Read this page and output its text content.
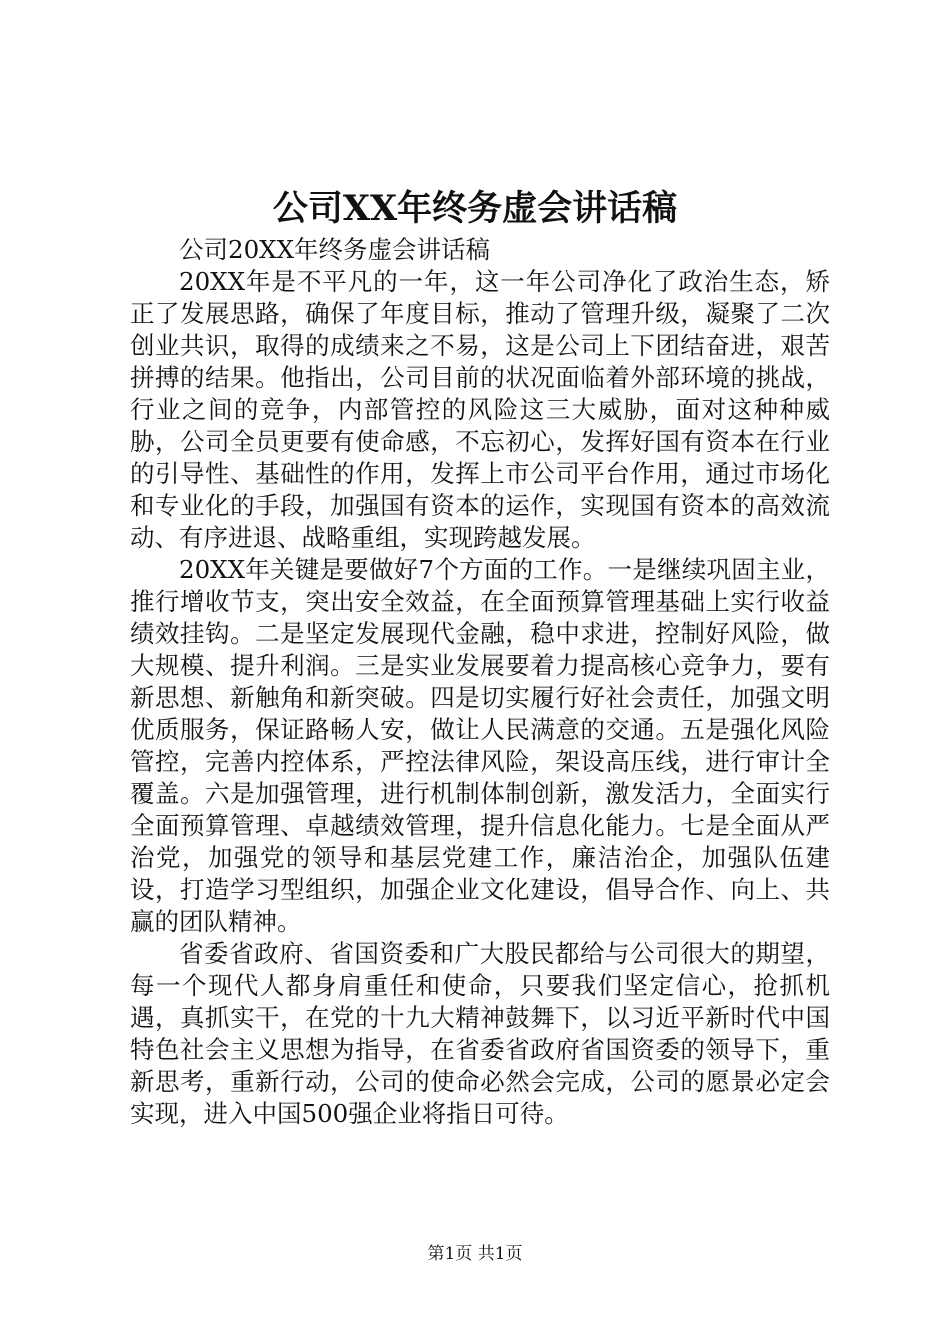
公司XX年终务虚会讲话稿

公司20XX年终务虚会讲话稿

20XX年是不平凡的一年，这一年公司净化了政治生态，矫正了发展思路，确保了年度目标，推动了管理升级，凝聚了二次创业共识，取得的成绩来之不易，这是公司上下团结奋进，艰苦拼搏的结果。他指出，公司目前的状况面临着外部环境的挑战，行业之间的竞争，内部管控的风险这三大威胁，面对这种种威胁，公司全员更要有使命感，不忘初心，发挥好国有资本在行业的引导性、基础性的作用，发挥上市公司平台作用，通过市场化和专业化的手段，加强国有资本的运作，实现国有资本的高效流动、有序进退、战略重组，实现跨越发展。

20XX年关键是要做好7个方面的工作。一是继续巩固主业，推行增收节支，突出安全效益，在全面预算管理基础上实行收益绩效挂钩。二是坚定发展现代金融，稳中求进，控制好风险，做大规模、提升利润。三是实业发展要着力提高核心竞争力，要有新思想、新触角和新突破。四是切实履行好社会责任，加强文明优质服务，保证路畅人安，做让人民满意的交通。五是强化风险管控，完善内控体系，严控法律风险，架设高压线，进行审计全覆盖。六是加强管理，进行机制体制创新，激发活力，全面实行全面预算管理、卓越绩效管理，提升信息化能力。七是全面从严治党，加强党的领导和基层党建工作，廉洁治企，加强队伍建设，打造学习型组织，加强企业文化建设，倡导合作、向上、共赢的团队精神。

省委省政府、省国资委和广大股民都给与公司很大的期望，每一个现代人都身肩重任和使命，只要我们坚定信心，抢抓机遇，真抓实干，在党的十九大精神鼓舞下，以习近平新时代中国特色社会主义思想为指导，在省委省政府省国资委的领导下，重新思考，重新行动，公司的使命必然会完成，公司的愿景必定会实现，进入中国500强企业将指日可待。

第1页 共1页
